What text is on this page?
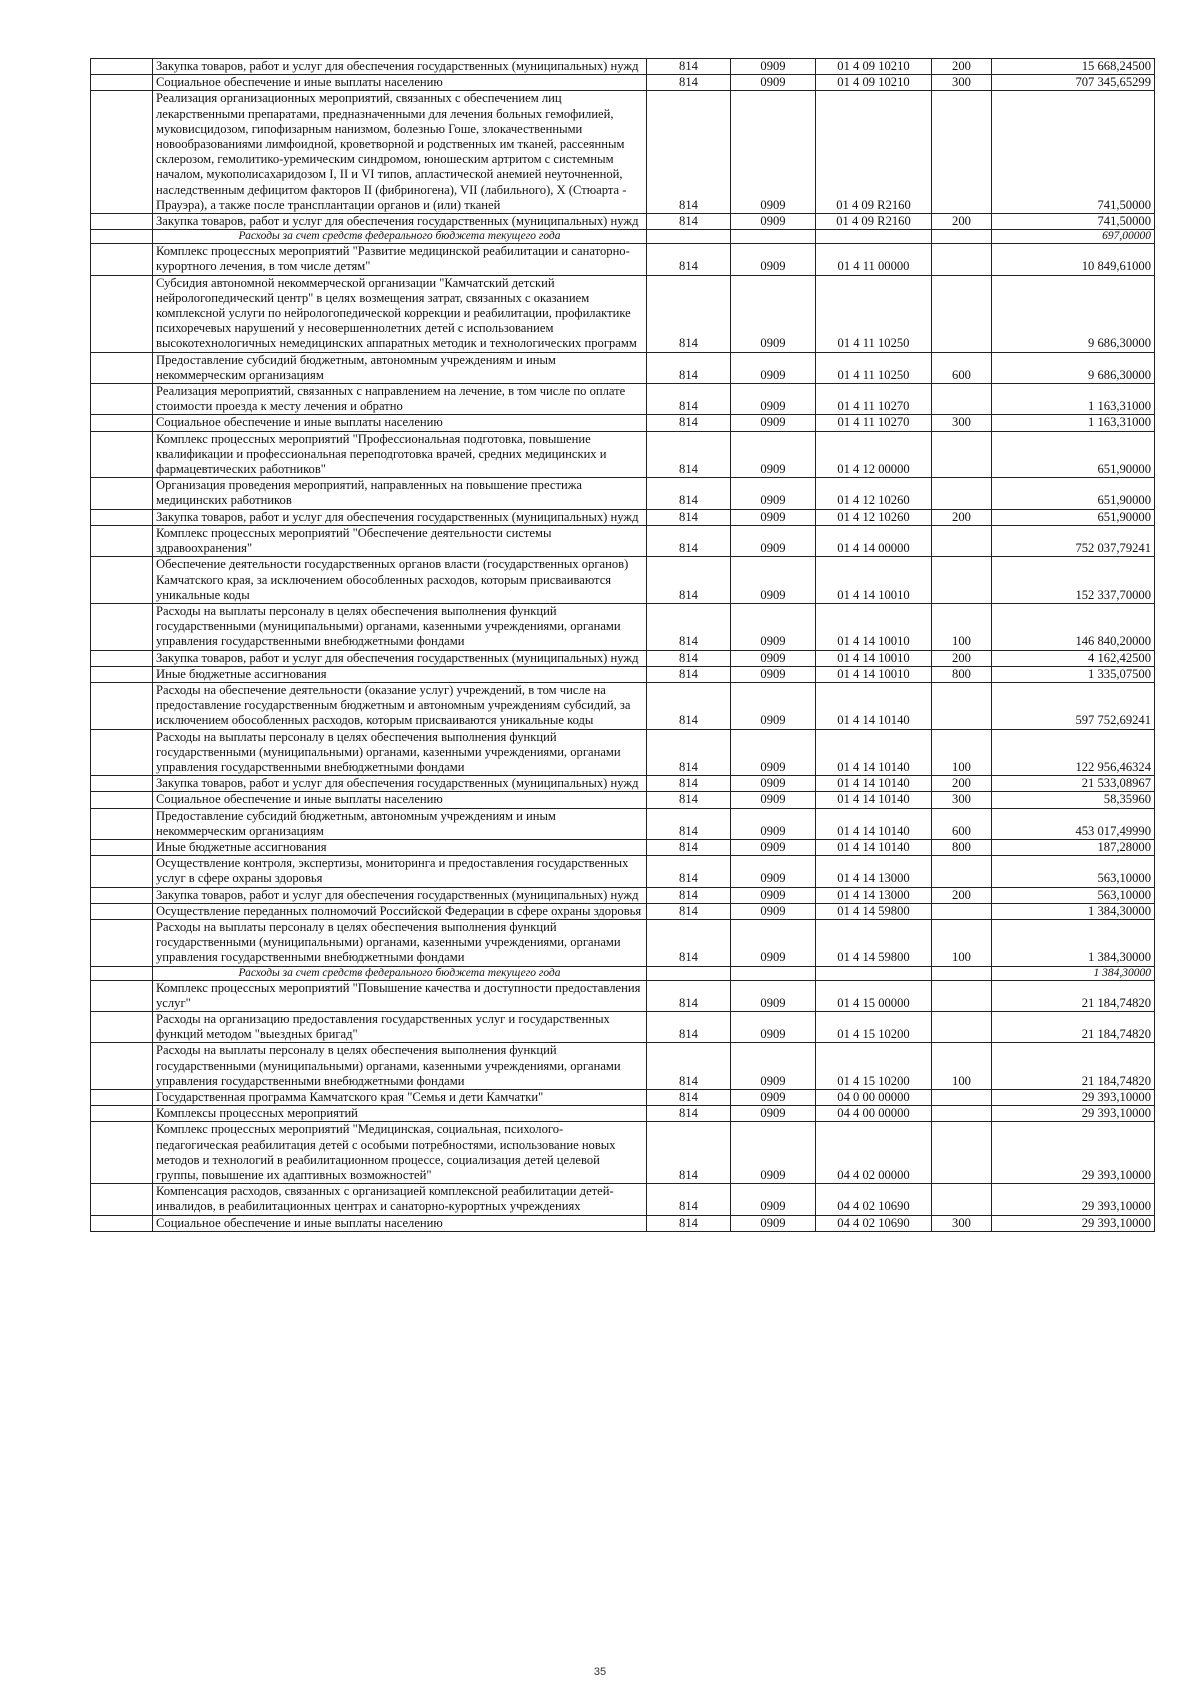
	Закупка товаров, работ и услуг для обеспечения государственных (муниципальных) нужд	814	0909	01 4 09 10210	200	15 668,24500
	Социальное обеспечение и иные выплаты населению	814	0909	01 4 09 10210	300	707 345,65299
	Реализация организационных мероприятий, связанных с обеспечением лиц лекарственными препаратами, предназначенными для лечения больных гемофилией, муковисцидозом, гипофизарным нанизмом, болезнью Гоше, злокачественными новообразованиями лимфоидной, кроветворной и родственных им тканей, рассеянным склерозом, гемолитико-уремическим синдромом, юношеским артритом с системным началом, мукополисахаридозом I, II и VI типов, апластической анемией неуточненной, наследственным дефицитом факторов II (фибриногена), VII (лабильного), X (Стюарта - Прауэра), а также после трансплантации органов и (или) тканей	814	0909	01 4 09 R2160		741,50000
	Закупка товаров, работ и услуг для обеспечения государственных (муниципальных) нужд	814	0909	01 4 09 R2160	200	741,50000
	Расходы за счет средств федерального бюджета текущего года					697,00000
	Комплекс процессных мероприятий "Развитие медицинской реабилитации и санаторно-курортного лечения, в том числе детям"	814	0909	01 4 11 00000		10 849,61000
	Субсидия автономной некоммерческой организации "Камчатский детский нейрологопедический центр" в целях возмещения затрат, связанных с оказанием комплексной услуги по нейрологопедической коррекции и реабилитации, профилактике психоречевых нарушений у несовершеннолетних детей с использованием высокотехнологичных немедицинских аппаратных методик и технологических программ	814	0909	01 4 11 10250		9 686,30000
	Предоставление субсидий бюджетным, автономным учреждениям и иным некоммерческим организациям	814	0909	01 4 11 10250	600	9 686,30000
	Реализация мероприятий, связанных с направлением на лечение, в том числе по оплате стоимости проезда к месту лечения и обратно	814	0909	01 4 11 10270		1 163,31000
	Социальное обеспечение и иные выплаты населению	814	0909	01 4 11 10270	300	1 163,31000
	Комплекс процессных мероприятий "Профессиональная подготовка, повышение квалификации и профессиональная переподготовка врачей, средних медицинских и фармацевтических работников"	814	0909	01 4 12 00000		651,90000
	Организация проведения мероприятий, направленных на повышение престижа медицинских работников	814	0909	01 4 12 10260		651,90000
	Закупка товаров, работ и услуг для обеспечения государственных (муниципальных) нужд	814	0909	01 4 12 10260	200	651,90000
	Комплекс процессных мероприятий "Обеспечение деятельности системы здравоохранения"	814	0909	01 4 14 00000		752 037,79241
	Обеспечение деятельности государственных органов власти (государственных органов) Камчатского края, за исключением обособленных расходов, которым присваиваются уникальные коды	814	0909	01 4 14 10010		152 337,70000
	Расходы на выплаты персоналу в целях обеспечения выполнения функций государственными (муниципальными) органами, казенными учреждениями, органами управления государственными внебюджетными фондами	814	0909	01 4 14 10010	100	146 840,20000
	Закупка товаров, работ и услуг для обеспечения государственных (муниципальных) нужд	814	0909	01 4 14 10010	200	4 162,42500
	Иные бюджетные ассигнования	814	0909	01 4 14 10010	800	1 335,07500
	Расходы на обеспечение деятельности (оказание услуг) учреждений, в том числе на предоставление государственным бюджетным и автономным учреждениям субсидий, за исключением обособленных расходов, которым присваиваются уникальные коды	814	0909	01 4 14 10140		597 752,69241
	Расходы на выплаты персоналу в целях обеспечения выполнения функций государственными (муниципальными) органами, казенными учреждениями, органами управления государственными внебюджетными фондами	814	0909	01 4 14 10140	100	122 956,46324
	Закупка товаров, работ и услуг для обеспечения государственных (муниципальных) нужд	814	0909	01 4 14 10140	200	21 533,08967
	Социальное обеспечение и иные выплаты населению	814	0909	01 4 14 10140	300	58,35960
	Предоставление субсидий бюджетным, автономным учреждениям и иным некоммерческим организациям	814	0909	01 4 14 10140	600	453 017,49990
	Иные бюджетные ассигнования	814	0909	01 4 14 10140	800	187,28000
	Осуществление контроля, экспертизы, мониторинга и предоставления государственных услуг в сфере охраны здоровья	814	0909	01 4 14 13000		563,10000
	Закупка товаров, работ и услуг для обеспечения государственных (муниципальных) нужд	814	0909	01 4 14 13000	200	563,10000
	Осуществление переданных полномочий Российской Федерации в сфере охраны здоровья	814	0909	01 4 14 59800		1 384,30000
	Расходы на выплаты персоналу в целях обеспечения выполнения функций государственными (муниципальными) органами, казенными учреждениями, органами управления государственными внебюджетными фондами	814	0909	01 4 14 59800	100	1 384,30000
	Расходы за счет средств федерального бюджета текущего года					1 384,30000
	Комплекс процессных мероприятий "Повышение качества и доступности предоставления услуг"	814	0909	01 4 15 00000		21 184,74820
	Расходы на организацию предоставления государственных услуг и государственных функций методом "выездных бригад"	814	0909	01 4 15 10200		21 184,74820
	Расходы на выплаты персоналу в целях обеспечения выполнения функций государственными (муниципальными) органами, казенными учреждениями, органами управления государственными внебюджетными фондами	814	0909	01 4 15 10200	100	21 184,74820
	Государственная программа Камчатского края "Семья и дети Камчатки"	814	0909	04 0 00 00000		29 393,10000
	Комплексы процессных мероприятий	814	0909	04 4 00 00000		29 393,10000
	Комплекс процессных мероприятий "Медицинская, социальная, психолого-педагогическая реабилитация детей с особыми потребностями, использование новых методов и технологий в реабилитационном процессе, социализация детей целевой группы, повышение их адаптивных возможностей"	814	0909	04 4 02 00000		29 393,10000
	Компенсация расходов, связанных с организацией комплексной реабилитации детей-инвалидов, в реабилитационных центрах и санаторно-курортных учреждениях	814	0909	04 4 02 10690		29 393,10000
	Социальное обеспечение и иные выплаты населению	814	0909	04 4 02 10690	300	29 393,10000
35
